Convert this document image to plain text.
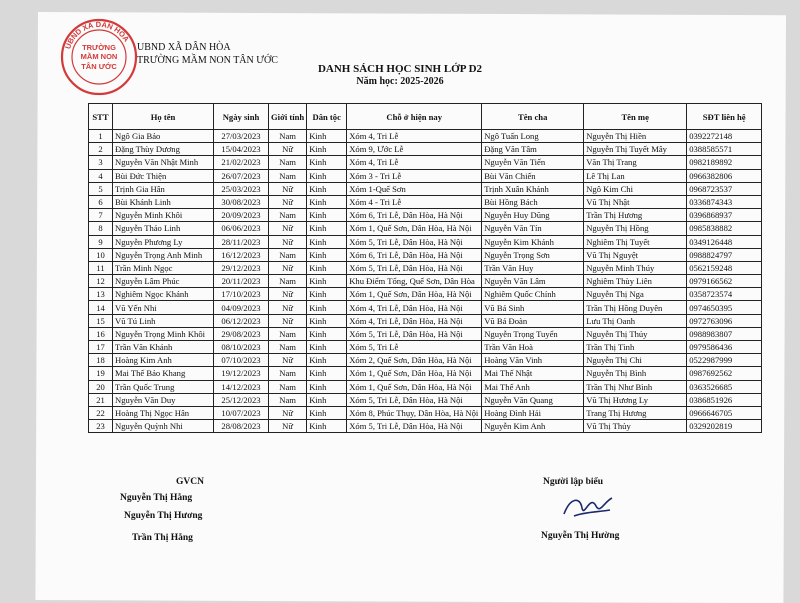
UBND XÃ DÂN HÒA
TRƯỜNG
MẦM NON
TÂN ƯỚC
UBND XÃ DÂN HÒA
TRƯỜNG MẦM NON TÂN ƯỚC
DANH SÁCH HỌC SINH LỚP D2
Năm học: 2025-2026
STT	Họ tên	Ngày sinh	Giới tính	Dân tộc	Chỗ ở hiện nay	Tên cha	Tên mẹ	SĐT liên hệ
1	Ngô Gia Bảo	27/03/2023	Nam	Kinh	Xóm 4, Tri Lễ	Ngô Tuấn Long	Nguyễn Thị Hiền	0392272148
2	Đặng Thùy Dương	15/04/2023	Nữ	Kinh	Xóm 9, Ước Lễ	Đặng Văn Tâm	Nguyễn Thị Tuyết Mây	0388585571
3	Nguyễn Văn Nhật Minh	21/02/2023	Nam	Kinh	Xóm 4, Tri Lễ	Nguyễn Văn Tiến	Văn Thị Trang	0982189892
4	Bùi Đức Thiện	26/07/2023	Nam	Kinh	Xóm 3 - Tri Lễ	Bùi Văn Chiến	Lê Thị Lan	0966382806
5	Trịnh Gia Hân	25/03/2023	Nữ	Kinh	Xóm 1-Quế Sơn	Trịnh Xuân Khánh	Ngô Kim Chi	0968723537
6	Bùi Khánh Linh	30/08/2023	Nữ	Kinh	Xóm 4 - Tri Lễ	Bùi Hồng Bách	Vũ Thị Nhật	0336874343
7	Nguyễn Minh Khôi	20/09/2023	Nam	Kinh	Xóm 6, Tri Lễ, Dân Hòa, Hà Nội	Nguyễn Huy Dũng	Trần Thị Hương	0396868937
8	Nguyễn Thảo Linh	06/06/2023	Nữ	Kinh	Xóm 1, Quế Sơn, Dân Hòa, Hà Nội	Nguyễn Văn Tín	Nguyễn Thị Hồng	0985838882
9	Nguyễn Phương Ly	28/11/2023	Nữ	Kinh	Xóm 5, Tri Lễ, Dân Hòa, Hà Nội	Nguyễn Kim Khánh	Nghiêm Thị Tuyết	0349126448
10	Nguyễn Trọng Anh Minh	16/12/2023	Nam	Kinh	Xóm 6, Tri Lễ, Dân Hòa, Hà Nội	Nguyễn Trọng Sơn	Vũ Thị Nguyệt	0988824797
11	Trần Minh Ngọc	29/12/2023	Nữ	Kinh	Xóm 5, Tri Lễ, Dân Hòa, Hà Nội	Trần Văn Huy	Nguyễn Minh Thúy	0562159248
12	Nguyễn Lâm Phúc	20/11/2023	Nam	Kinh	Khu Điểm Tổng, Quế Sơn, Dân Hòa	Nguyễn Văn Lâm	Nghiêm Thùy Liên	0979166562
13	Nghiêm Ngọc Khánh	17/10/2023	Nữ	Kinh	Xóm 1, Quế Sơn, Dân Hòa, Hà Nội	Nghiêm Quốc Chính	Nguyễn Thị Nga	0358723574
14	Vũ Yến Nhi	04/09/2023	Nữ	Kinh	Xóm 4, Tri Lễ, Dân Hòa, Hà Nội	Vũ Bá Sinh	Trần Thị Hồng Duyên	0974650395
15	Vũ Tú Linh	06/12/2023	Nữ	Kinh	Xóm 4, Tri Lễ, Dân Hòa, Hà Nội	Vũ Bá Đoàn	Lưu Thị Oanh	0972763096
16	Nguyễn Trọng Minh Khôi	29/08/2023	Nam	Kinh	Xóm 5, Tri Lễ, Dân Hòa, Hà Nội	Nguyễn Trọng Tuyển	Nguyễn Thị Thủy	0988983807
17	Trần Văn Khánh	08/10/2023	Nam	Kinh	Xóm 5, Tri Lễ	Trần Văn Hoà	Trần Thị Tình	0979586436
18	Hoàng Kim Anh	07/10/2023	Nữ	Kinh	Xóm 2, Quế Sơn, Dân Hòa, Hà Nội	Hoàng Văn Vinh	Nguyễn Thị Chi	0522987999
19	Mai Thế Bảo Khang	19/12/2023	Nam	Kinh	Xóm 1, Quế Sơn, Dân Hòa, Hà Nội	Mai Thế Nhật	Nguyễn Thị Bình	0987692562
20	Trần Quốc Trung	14/12/2023	Nam	Kinh	Xóm 1, Quế Sơn, Dân Hòa, Hà Nội	Mai Thế Anh	Trần Thị Như Bình	0363526685
21	Nguyễn Văn Duy	25/12/2023	Nam	Kinh	Xóm 5, Tri Lễ, Dân Hòa, Hà Nội	Nguyễn Văn Quang	Vũ Thị Hương Ly	0386851926
22	Hoàng Thị Ngọc Hân	10/07/2023	Nữ	Kinh	Xóm 8, Phúc Thụy, Dân Hòa, Hà Nội	Hoàng Đình Hải	Trang Thị Hương	0966646705
23	Nguyễn Quỳnh Nhi	28/08/2023	Nữ	Kinh	Xóm 5, Tri Lễ, Dân Hòa, Hà Nội	Nguyễn Kim Anh	Vũ Thị Thủy	0329202819
GVCN
Nguyễn Thị Hằng
Nguyễn Thị Hương
Trần Thị Hằng
Người lập biểu
Nguyễn Thị Hường
